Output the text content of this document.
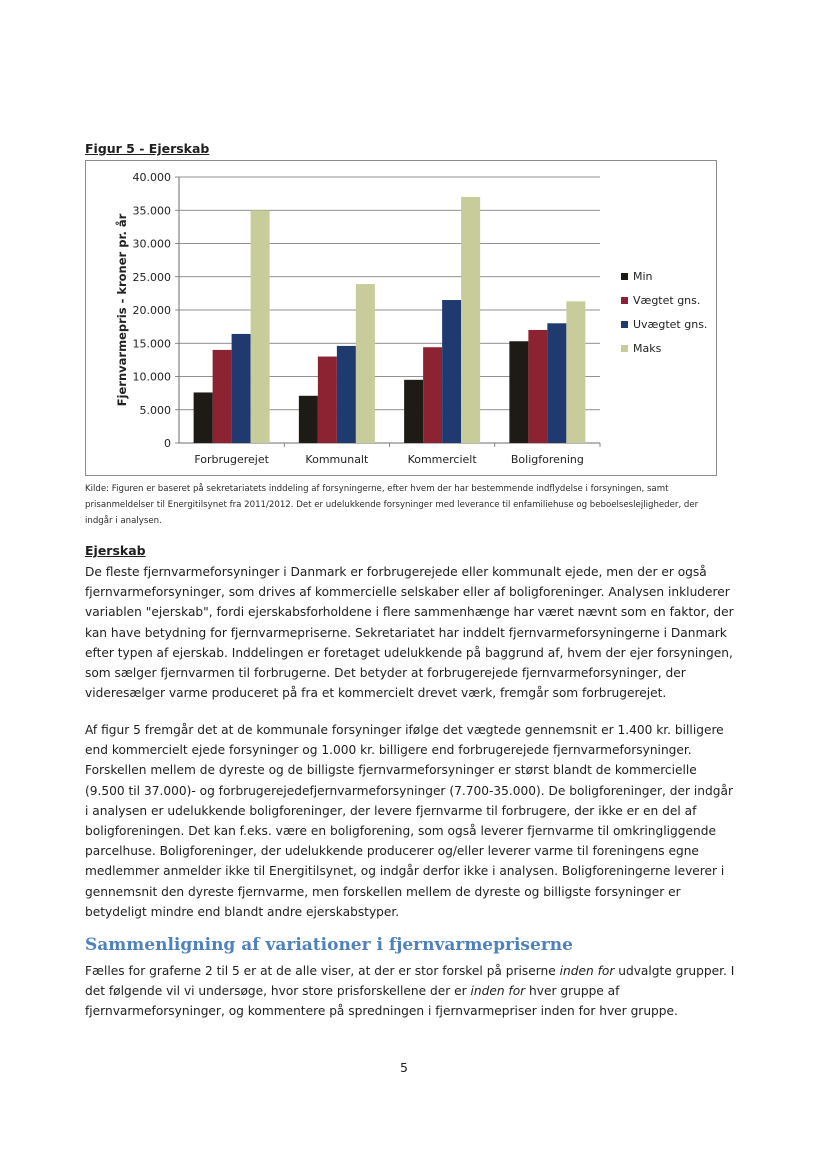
Figur 5 - Ejerskab
0
5.000
10.000
15.000
20.000
25.000
30.000
35.000
40.000
Fjernvarmepris - kroner pr. år
Forbrugerejet	Kommunalt	Kommercielt	Boligforening
Min
Vægtet gns.
Uvægtet gns.
Maks
Kilde: Figuren er baseret på sekretariatets inddeling af forsyningerne, efter hvem der har bestemmende indflydelse i forsyningen, samt prisanmeldelser til Energitilsynet fra 2011/2012. Det er udelukkende forsyninger med leverance til enfamiliehuse og beboelseslejligheder, der indgår i analysen.
Ejerskab

De fleste fjernvarmeforsyninger i Danmark er forbrugerejede eller kommunalt ejede, men der er også fjernvarmeforsyninger, som drives af kommercielle selskaber eller af boligforeninger. Analysen inkluderer variablen "ejerskab", fordi ejerskabsforholdene i flere sammenhænge har været nævnt som en faktor, der kan have betydning for fjernvarmepriserne. Sekretariatet har inddelt fjernvarmeforsyningerne i Danmark efter typen af ejerskab. Inddelingen er foretaget udelukkende på baggrund af, hvem der ejer forsyningen, som sælger fjernvarmen til forbrugerne. Det betyder at forbrugerejede fjernvarmeforsyninger, der videresælger varme produceret på fra et kommercielt drevet værk, fremgår som forbrugerejet.

Af figur 5 fremgår det at de kommunale forsyninger ifølge det vægtede gennemsnit er 1.400 kr. billigere end kommercielt ejede forsyninger og 1.000 kr. billigere end forbrugerejede fjernvarmeforsyninger. Forskellen mellem de dyreste og de billigste fjernvarmeforsyninger er størst blandt de kommercielle (9.500 til 37.000)- og forbrugerejedefjernvarmeforsyninger (7.700-35.000). De boligforeninger, der indgår i analysen er udelukkende boligforeninger, der levere fjernvarme til forbrugere, der ikke er en del af boligforeningen. Det kan f.eks. være en boligforening, som også leverer fjernvarme til omkringliggende parcelhuse. Boligforeninger, der udelukkende producerer og/eller leverer varme til foreningens egne medlemmer anmelder ikke til Energitilsynet, og indgår derfor ikke i analysen. Boligforeningerne leverer i gennemsnit den dyreste fjernvarme, men forskellen mellem de dyreste og billigste forsyninger er betydeligt mindre end blandt andre ejerskabstyper.

Sammenligning af variationer i fjernvarmepriserne

Fælles for graferne 2 til 5 er at de alle viser, at der er stor forskel på priserne inden for udvalgte grupper. I det følgende vil vi undersøge, hvor store prisforskellene der er inden for hver gruppe af fjernvarmeforsyninger, og kommentere på spredningen i fjernvarmepriser inden for hver gruppe.

5
